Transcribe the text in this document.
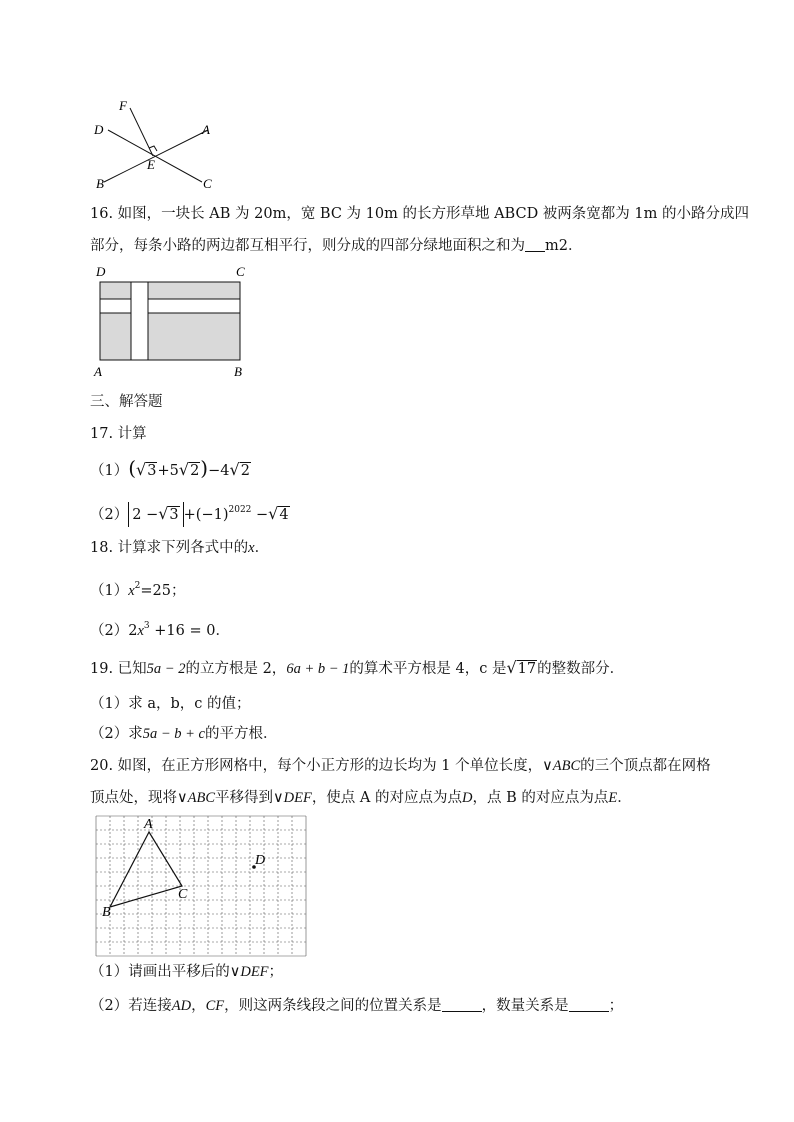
F
D	A
E
B	C
16. 如图，一块长 AB 为 20m，宽 BC 为 10m 的长方形草地 ABCD 被两条宽都为 1m 的小路分成四
部分，每条小路的两边都互相平行，则分成的四部分绿地面积之和为 m2．
D	C
A	B
三、解答题
17. 计算
（1）(√3+5√2)−4√2
（2） $2 -√3 +(-1)^{2022} -√4$
18. 计算求下列各式中的x．
$(1)x^2=25$；
$(2)2x^3 +16 = 0$．
19. 已知5a − 2的立方根是 2，6a + b − 1的算术平方根是 4，c 是√17的整数部分．
（1）求 a，b，c 的值；
（2）求5a − b + c的平方根．
20. 如图，在正方形网格中，每个小正方形的边长均为 1 个单位长度，∨ABC的三个顶点都在网格
顶点处，现将∨ABC平移得到∨DEF，使点 A 的对应点为点D，点 B 的对应点为点E．
A
B
C
D
（1）请画出平移后的∨DEF；
（2）若连接AD，CF，则这两条线段之间的位置关系是	，数量关系是	；
